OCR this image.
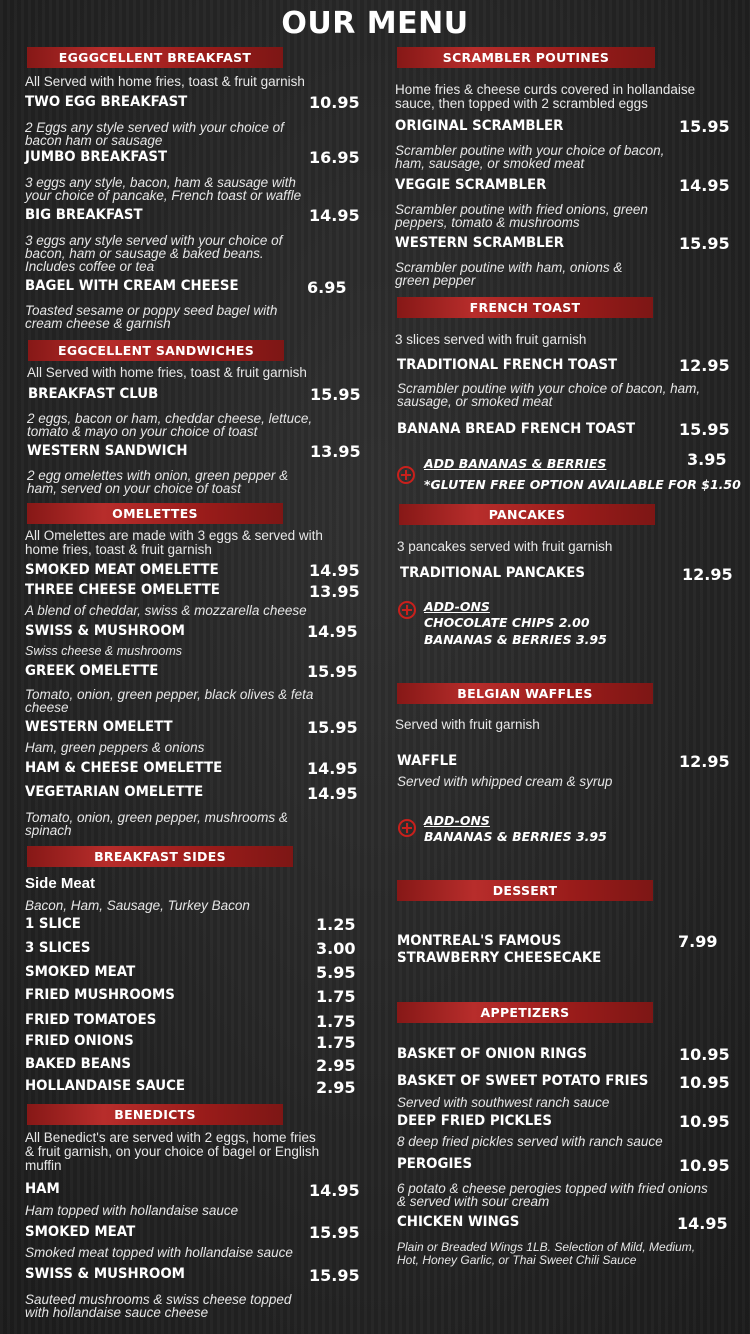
OUR MENU
EGGGCELLENT BREAKFAST
All Served with home fries, toast & fruit garnish
TWO EGG BREAKFAST	10.95
2 Eggs any style served with your choice of bacon ham or sausage
JUMBO BREAKFAST	16.95
3 eggs any style, bacon, ham & sausage with your choice of pancake, French toast or waffle
BIG BREAKFAST	14.95
3 eggs any style served with your choice of bacon, ham or sausage & baked beans. Includes coffee or tea
BAGEL WITH CREAM CHEESE	6.95
Toasted sesame or poppy seed bagel with cream cheese & garnish
EGGCELLENT SANDWICHES
All Served with home fries, toast & fruit garnish
BREAKFAST CLUB	15.95
2 eggs, bacon or ham, cheddar cheese, lettuce, tomato & mayo on your choice of toast
WESTERN SANDWICH	13.95
2 egg omelettes with onion, green pepper & ham, served on your choice of toast
OMELETTES
All Omelettes are made with 3 eggs & served with home fries, toast & fruit garnish
SMOKED MEAT OMELETTE	14.95
THREE CHEESE OMELETTE	13.95
A blend of cheddar, swiss & mozzarella cheese
SWISS & MUSHROOM	14.95
Swiss cheese & mushrooms
GREEK OMELETTE	15.95
Tomato, onion, green pepper, black olives & feta cheese
WESTERN OMELETT	15.95
Ham, green peppers & onions
HAM & CHEESE OMELETTE	14.95
VEGETARIAN OMELETTE	14.95
Tomato, onion, green pepper, mushrooms & spinach
BREAKFAST SIDES
Side Meat
Bacon, Ham, Sausage, Turkey Bacon
1 SLICE	1.25
3 SLICES	3.00
SMOKED MEAT	5.95
FRIED MUSHROOMS	1.75
FRIED TOMATOES	1.75
FRIED ONIONS	1.75
BAKED BEANS	2.95
HOLLANDAISE SAUCE	2.95
BENEDICTS
All Benedict's are served with 2 eggs, home fries & fruit garnish, on your choice of bagel or English muffin
HAM	14.95
Ham topped with hollandaise sauce
SMOKED MEAT	15.95
Smoked meat topped with hollandaise sauce
SWISS & MUSHROOM	15.95
Sauteed mushrooms & swiss cheese topped with hollandaise sauce cheese
SCRAMBLER POUTINES
Home fries & cheese curds covered in hollandaise sauce, then topped with 2 scrambled eggs
ORIGINAL SCRAMBLER	15.95
Scrambler poutine with your choice of bacon, ham, sausage, or smoked meat
VEGGIE SCRAMBLER	14.95
Scrambler poutine with fried onions, green peppers, tomato & mushrooms
WESTERN SCRAMBLER	15.95
Scrambler poutine with ham, onions & green pepper
FRENCH TOAST
3 slices served with fruit garnish
TRADITIONAL FRENCH TOAST	12.95
Scrambler poutine with your choice of bacon, ham, sausage, or smoked meat
BANANA BREAD FRENCH TOAST	15.95
ADD BANANAS & BERRIES	3.95
*GLUTEN FREE OPTION AVAILABLE FOR $1.50
PANCAKES
3 pancakes served with fruit garnish
TRADITIONAL PANCAKES	12.95
ADD-ONS
CHOCOLATE CHIPS 2.00
BANANAS & BERRIES 3.95
BELGIAN WAFFLES
Served with fruit garnish
WAFFLE	12.95
Served with whipped cream & syrup
ADD-ONS
BANANAS & BERRIES 3.95
DESSERT
MONTREAL'S FAMOUS STRAWBERRY CHEESECAKE
7.99
APPETIZERS
BASKET OF ONION RINGS	10.95
BASKET OF SWEET POTATO FRIES 10.95
Served with southwest ranch sauce
DEEP FRIED PICKLES	10.95
8 deep fried pickles served with ranch sauce
PEROGIES	10.95
6 potato & cheese perogies topped with fried onions & served with sour cream
CHICKEN WINGS	14.95
Plain or Breaded Wings 1LB. Selection of Mild, Medium, Hot, Honey Garlic, or Thai Sweet Chili Sauce
